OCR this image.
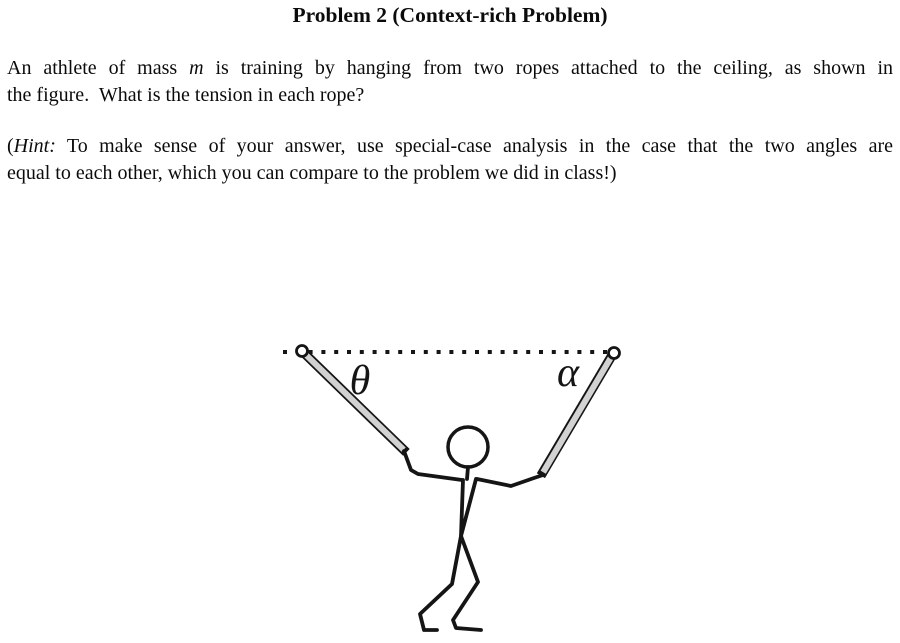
Problem 2 (Context-rich Problem)
An athlete of mass m is training by hanging from two ropes attached to the ceiling, as shown in
the figure.  What is the tension in each rope?
(Hint: To make sense of your answer, use special-case analysis in the case that the two angles are
equal to each other, which you can compare to the problem we did in class!)
θ	α
